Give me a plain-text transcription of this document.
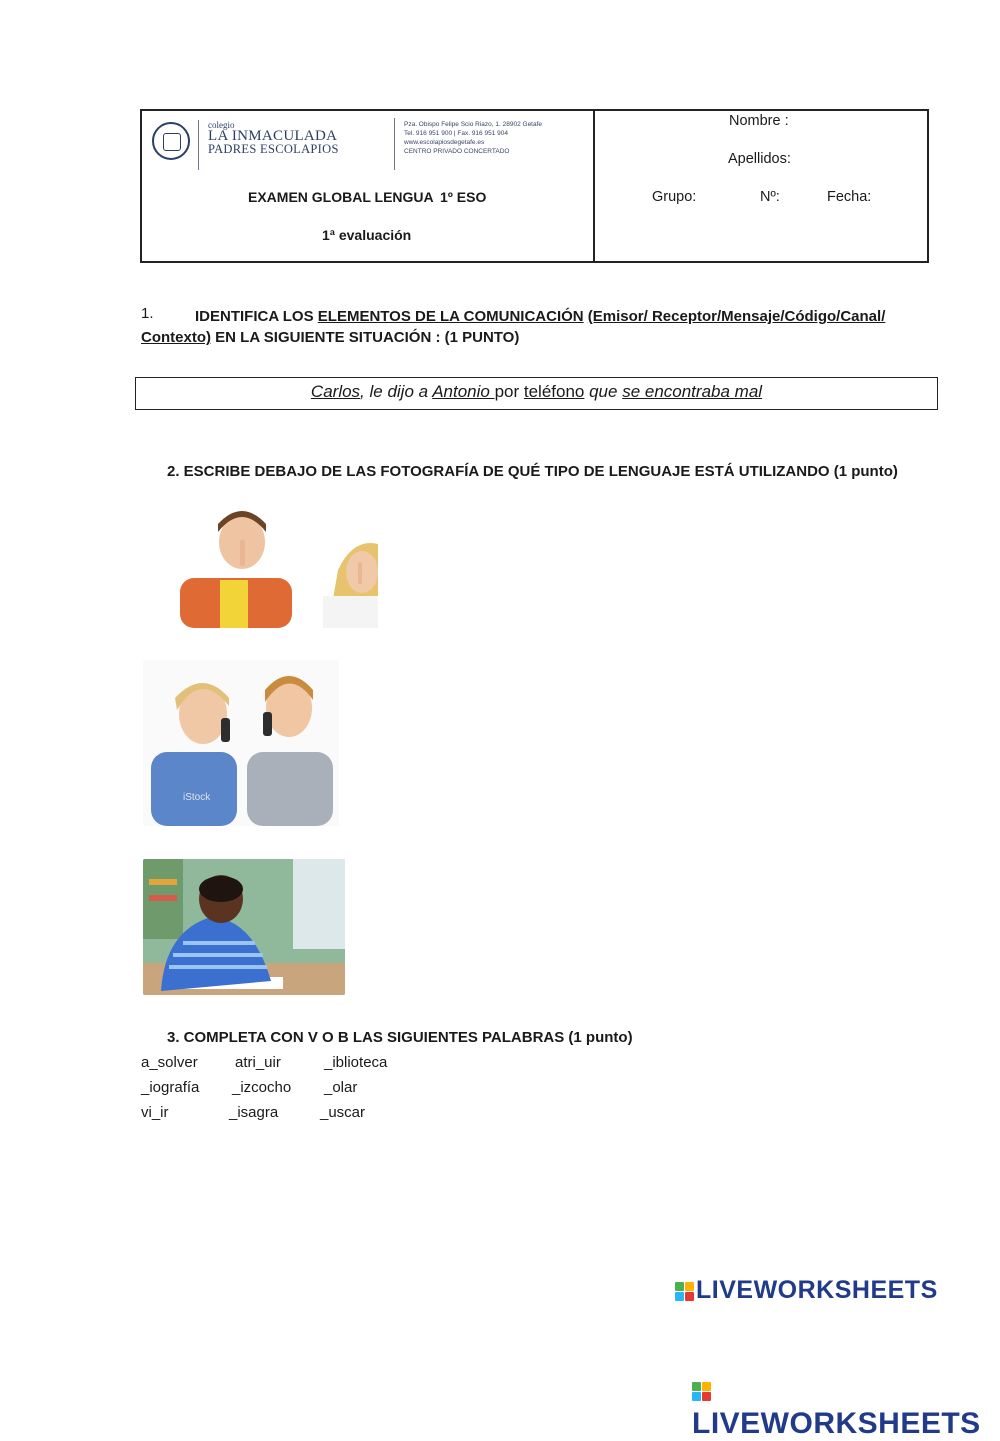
colegio
LA INMACULADA
PADRES ESCOLAPIOS
Pza. Obispo Felipe Scio Riazo, 1. 28902 Getafe
Tel. 916 951 900 | Fax. 916 951 904
www.escolapiosdegetafe.es
CENTRO PRIVADO CONCERTADO
EXAMEN GLOBAL LENGUA 1º ESO
1ª evaluación
Nombre :
Apellidos:
Grupo:	Nº:	Fecha:
1.	IDENTIFICA LOS ELEMENTOS DE LA COMUNICACIÓN (Emisor/ Receptor/Mensaje/Código/Canal/
Contexto) EN LA SIGUIENTE SITUACIÓN : (1 PUNTO)
Carlos, le dijo a Antonio por teléfono que se encontraba mal
2. ESCRIBE DEBAJO DE LAS FOTOGRAFÍA DE QUÉ TIPO DE LENGUAJE ESTÁ UTILIZANDO (1 punto)
iStock
3. COMPLETA CON V O B LAS SIGUIENTES PALABRAS (1 punto)
a_solver atri_uir	_iblioteca
_iografía _izcocho _olar
vi_ir	_isagra	_uscar
LIVEWORKSHEETS
LIVEWORKSHEETS
